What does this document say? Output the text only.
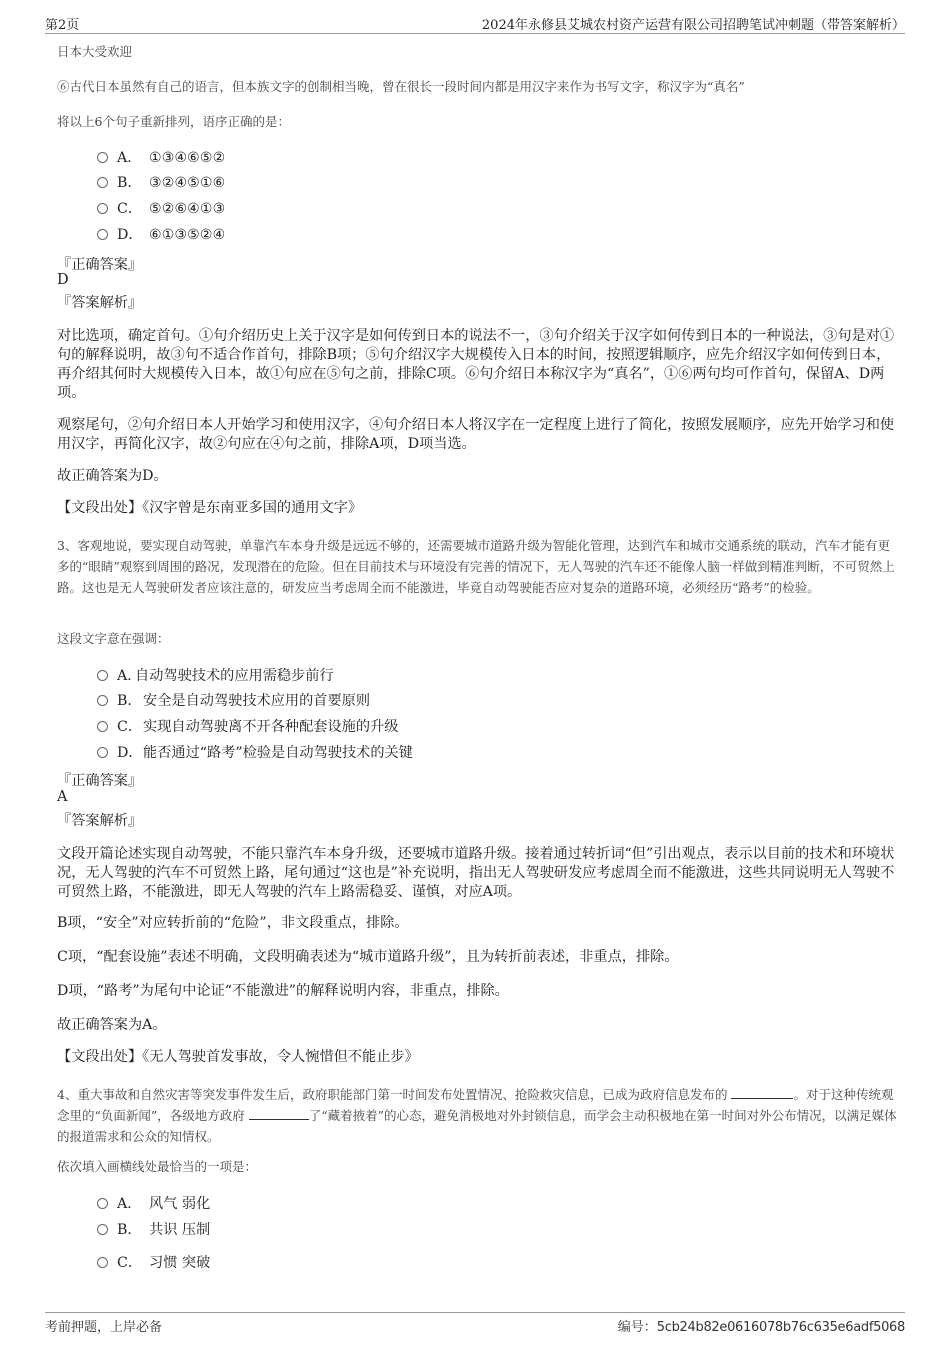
第2页	2024年永修县艾城农村资产运营有限公司招聘笔试冲刺题（带答案解析）
日本大受欢迎
⑥古代日本虽然有自己的语言，但本族文字的创制相当晚，曾在很长一段时间内都是用汉字来作为书写文字，称汉字为“真名”
将以上6个句子重新排列，语序正确的是：
A． ①③④⑥⑤②
B． ③②④⑤①⑥
C． ⑤②⑥④①③
D． ⑥①③⑤②④
『正确答案』
D
『答案解析』
对比选项，确定首句。①句介绍历史上关于汉字是如何传到日本的说法不一，③句介绍关于汉字如何传到日本的一种说法，③句是对①句的解释说明，故③句不适合作首句，排除B项；⑤句介绍汉字大规模传入日本的时间，按照逻辑顺序，应先介绍汉字如何传到日本，再介绍其何时大规模传入日本，故①句应在⑤句之前，排除C项。⑥句介绍日本称汉字为“真名”，①⑥两句均可作首句，保留A、D两项。
观察尾句，②句介绍日本人开始学习和使用汉字，④句介绍日本人将汉字在一定程度上进行了简化，按照发展顺序，应先开始学习和使用汉字，再简化汉字，故②句应在④句之前，排除A项，D项当选。
故正确答案为D。
【文段出处】《汉字曾是东南亚多国的通用文字》
3、客观地说，要实现自动驾驶，单靠汽车本身升级是远远不够的，还需要城市道路升级为智能化管理，达到汽车和城市交通系统的联动，汽车才能有更多的“眼睛”观察到周围的路况，发现潜在的危险。但在目前技术与环境没有完善的情况下，无人驾驶的汽车还不能像人脑一样做到精准判断，不可贸然上路。这也是无人驾驶研发者应该注意的，研发应当考虑周全而不能激进，毕竟自动驾驶能否应对复杂的道路环境，必须经历“路考”的检验。
这段文字意在强调：
A．自动驾驶技术的应用需稳步前行
B．安全是自动驾驶技术应用的首要原则
C．实现自动驾驶离不开各种配套设施的升级
D．能否通过“路考”检验是自动驾驶技术的关键
『正确答案』
A
『答案解析』
文段开篇论述实现自动驾驶，不能只靠汽车本身升级，还要城市道路升级。接着通过转折词“但”引出观点，表示以目前的技术和环境状况，无人驾驶的汽车不可贸然上路，尾句通过“这也是”补充说明，指出无人驾驶研发应考虑周全而不能激进，这些共同说明无人驾驶不可贸然上路，不能激进，即无人驾驶的汽车上路需稳妥、谨慎，对应A项。
B项，“安全”对应转折前的“危险”，非文段重点，排除。
C项，“配套设施”表述不明确，文段明确表述为“城市道路升级”，且为转折前表述，非重点，排除。
D项，“路考”为尾句中论证“不能激进”的解释说明内容，非重点，排除。
故正确答案为A。
【文段出处】《无人驾驶首发事故，令人惋惜但不能止步》
4、重大事故和自然灾害等突发事件发生后，政府职能部门第一时间发布处置情况、抢险救灾信息，已成为政府信息发布的	。对于这种传统观念里的“负面新闻”，各级地方政府	了“藏着掖着”的心态，避免消极地对外封锁信息，而学会主动积极地在第一时间对外公布情况，以满足媒体的报道需求和公众的知情权。
依次填入画横线处最恰当的一项是：
A． 风气 弱化
B． 共识 压制
C． 习惯 突破
考前押题，上岸必备	编号：5cb24b82e0616078b76c635e6adf5068
